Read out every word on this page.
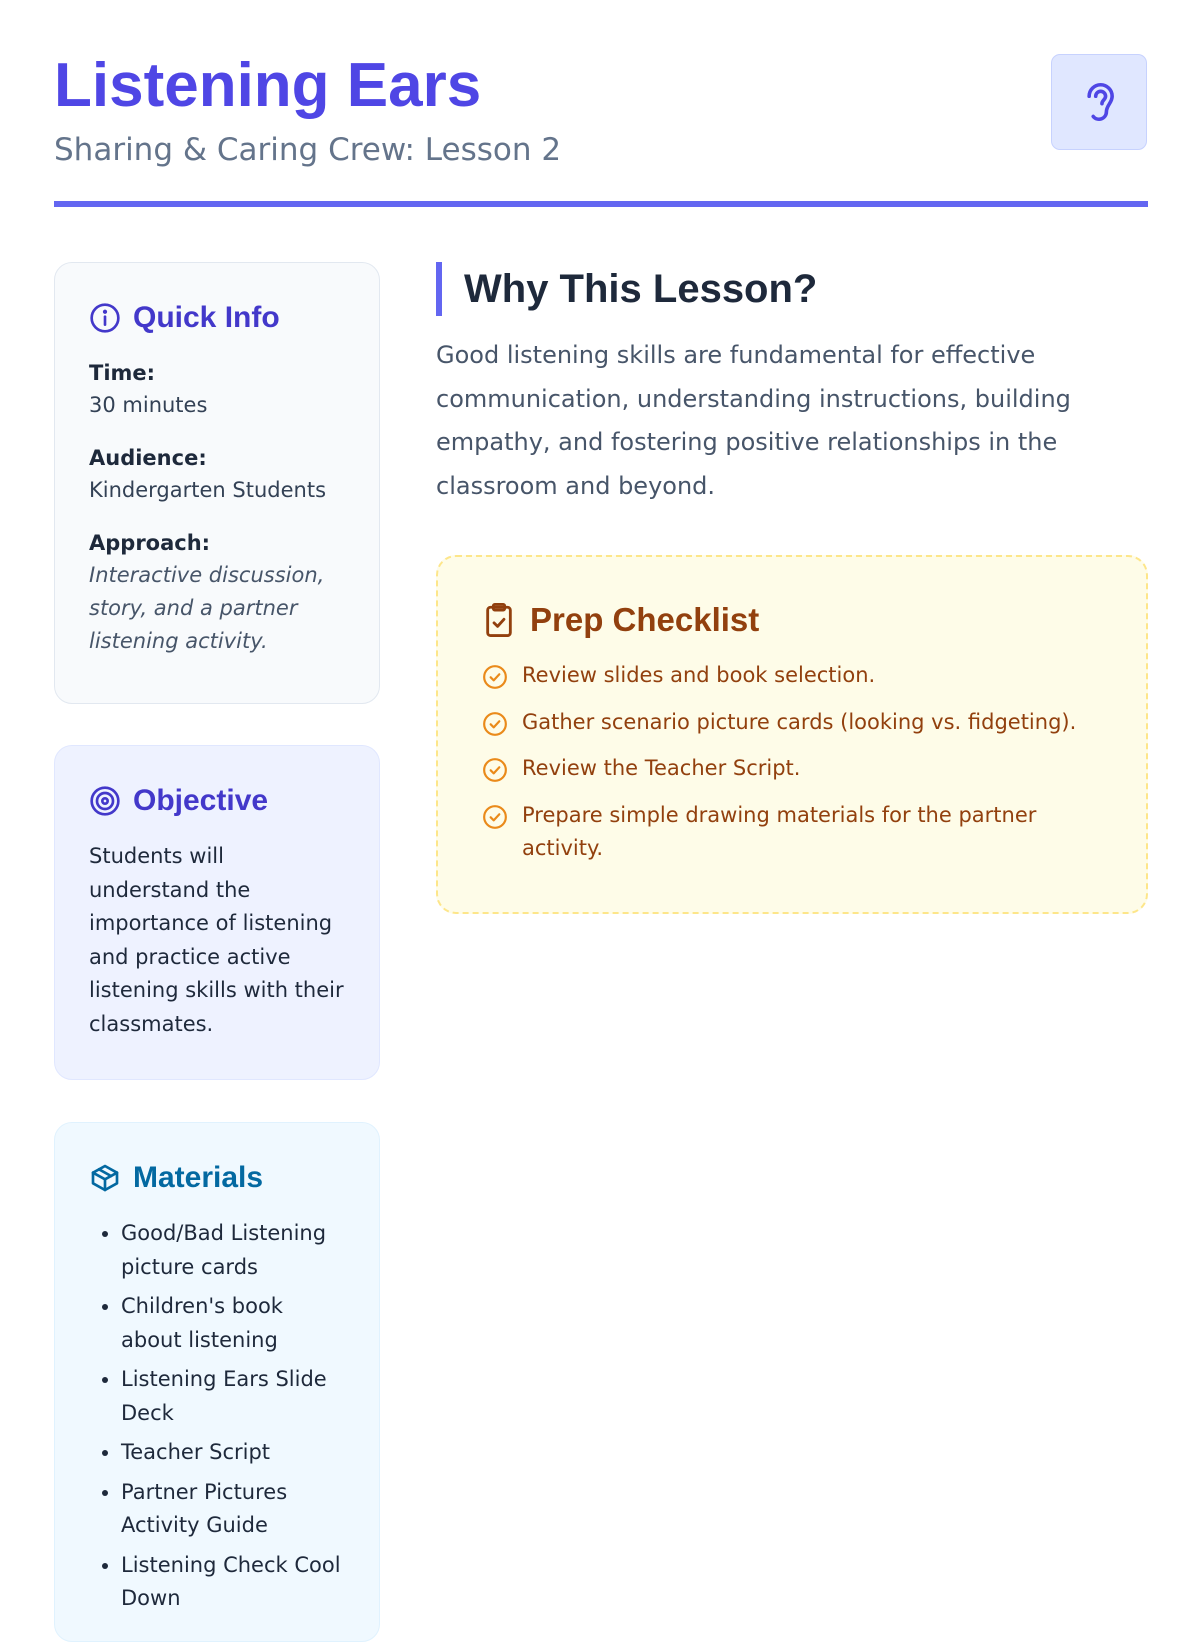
Listening Ears
Sharing & Caring Crew: Lesson 2
Quick Info
Time:
30 minutes
Audience:
Kindergarten Students
Approach:
Interactive discussion, story, and a partner listening activity.
Objective

Students will understand the importance of listening and practice active listening skills with their classmates.

Materials
• Good/Bad Listening picture cards
• Children's book about listening
• Listening Ears Slide Deck
• Teacher Script
• Partner Pictures Activity Guide
• Listening Check Cool Down
Why This Lesson?

Good listening skills are fundamental for effective communication, understanding instructions, building empathy, and fostering positive relationships in the classroom and beyond.

Prep Checklist
Review slides and book selection.
Gather scenario picture cards (looking vs. fidgeting).
Review the Teacher Script.
Prepare simple drawing materials for the partner activity.
